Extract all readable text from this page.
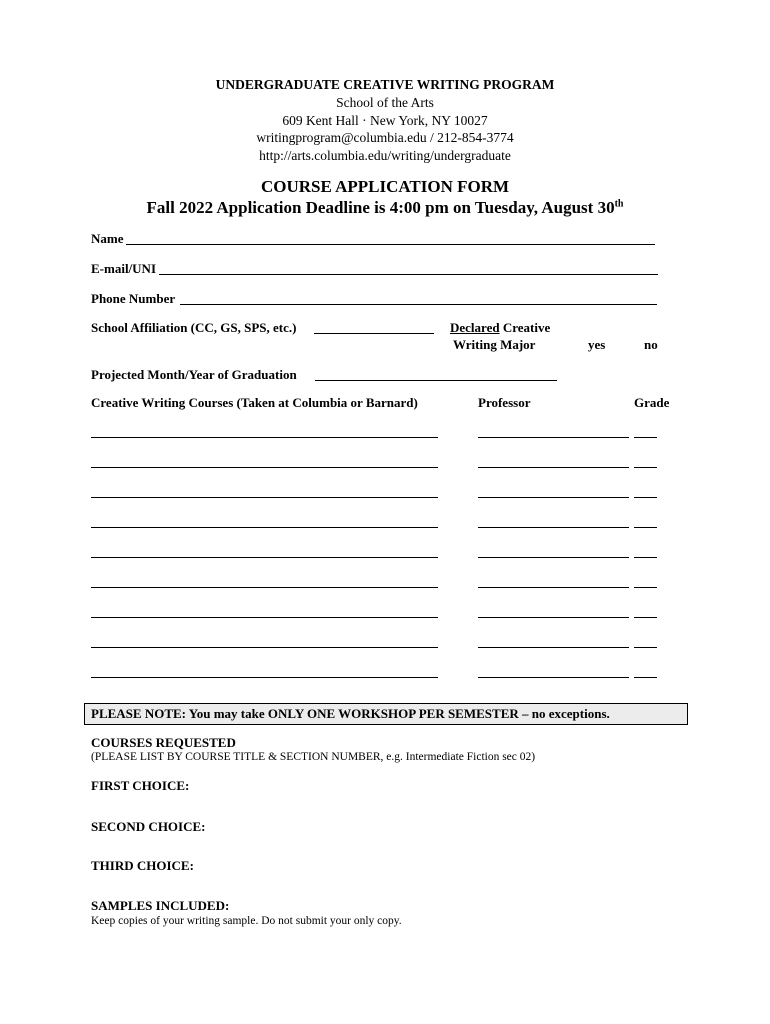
UNDERGRADUATE CREATIVE WRITING PROGRAM
School of the Arts
609 Kent Hall · New York, NY 10027
writingprogram@columbia.edu / 212-854-3774
http://arts.columbia.edu/writing/undergraduate
COURSE APPLICATION FORM
Fall 2022 Application Deadline is 4:00 pm on Tuesday, August 30th
Name
E-mail/UNI
Phone Number
School Affiliation (CC, GS, SPS, etc.)	Declared Creative
Writing Major	yes	no
Projected Month/Year of Graduation
Creative Writing Courses (Taken at Columbia or Barnard)	Professor	Grade
PLEASE NOTE: You may take ONLY ONE WORKSHOP PER SEMESTER – no exceptions.
COURSES REQUESTED
(PLEASE LIST BY COURSE TITLE & SECTION NUMBER, e.g. Intermediate Fiction sec 02)
FIRST CHOICE:
SECOND CHOICE:
THIRD CHOICE:
SAMPLES INCLUDED:
Keep copies of your writing sample. Do not submit your only copy.
